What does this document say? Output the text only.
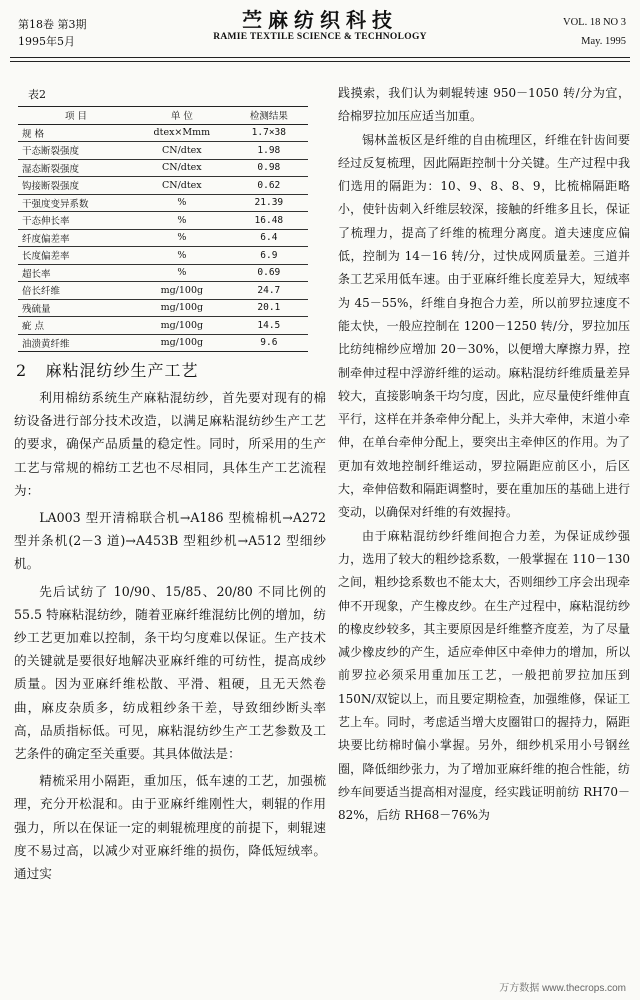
第18卷 第3期
1995年5月
苎麻纺织科技
RAMIE TEXTILE SCIENCE & TECHNOLOGY
VOL. 18 NO 3
May. 1995
表2
项 目	单 位	检测结果
规 格	dtex×Mmm	1.7×38
干态断裂强度	CN/dtex	1.98
湿态断裂强度	CN/dtex	0.98
钩接断裂强度	CN/dtex	0.62
干强度变异系数	%	21.39
干态伸长率	%	16.48
纤度偏差率	%	6.4
长度偏差率	%	6.9
超长率	%	0.69
倍长纤维	mg/100g	24.7
残硫量	mg/100g	20.1
疵 点	mg/100g	14.5
油溃黄纤维	mg/100g	9.6
2 麻粘混纺纱生产工艺

利用棉纺系统生产麻粘混纺纱，首先要对现有的棉纺设备进行部分技术改造，以满足麻粘混纺纱生产工艺的要求，确保产品质量的稳定性。同时，所采用的生产工艺与常规的棉纺工艺也不尽相同，具体生产工艺流程为：

LA003 型开清棉联合机→A186 型梳棉机→A272 型并条机(2－3 道)→A453B 型粗纱机→A512 型细纱机。

先后试纺了 10/90、15/85、20/80 不同比例的 55.5 特麻粘混纺纱，随着亚麻纤维混纺比例的增加，纺纱工艺更加难以控制，条干均匀度难以保证。生产技术的关键就是要很好地解决亚麻纤维的可纺性，提高成纱质量。因为亚麻纤维松散、平滑、粗硬，且无天然卷曲，麻皮杂质多，纺成粗纱条干差，导致细纱断头率高，品质指标低。可见，麻粘混纺纱生产工艺参数及工艺条件的确定至关重要。其具体做法是：

精梳采用小隔距，重加压，低车速的工艺，加强梳理，充分开松混和。由于亚麻纤维刚性大，刺辊的作用强力，所以在保证一定的刺辊梳理度的前提下，刺辊速度不易过高，以减少对亚麻纤维的损伤，降低短绒率。通过实

践摸索，我们认为刺辊转速 950－1050 转/分为宜，给棉罗拉加压应适当加重。

锡林盖板区是纤维的自由梳理区，纤维在针齿间要经过反复梳理，因此隔距控制十分关键。生产过程中我们选用的隔距为：10、9、8、8、9，比梳棉隔距略小，使针齿刺入纤维层较深，接触的纤维多且长，保证了梳理力，提高了纤维的梳理分离度。道夫速度应偏低，控制为 14－16 转/分，过快成网质量差。三道并条工艺采用低车速。由于亚麻纤维长度差异大，短绒率为 45－55%，纤维自身抱合力差，所以前罗拉速度不能太快，一般应控制在 1200－1250 转/分，罗拉加压比纺纯棉纱应增加 20－30%，以便增大摩擦力界，控制牵伸过程中浮游纤维的运动。麻粘混纺纤维质量差异较大，直接影响条干均匀度，因此，应尽量使纤维伸直平行，这样在并条牵伸分配上，头并大牵伸，末道小牵伸，在单台牵伸分配上，要突出主牵伸区的作用。为了更加有效地控制纤维运动，罗拉隔距应前区小，后区大，牵伸倍数和隔距调整时，要在重加压的基础上进行变动，以确保对纤维的有效握持。

由于麻粘混纺纱纤维间抱合力差，为保证成纱强力，选用了较大的粗纱捻系数，一般掌握在 110－130 之间，粗纱捻系数也不能太大，否则细纱工序会出现牵伸不开现象，产生橡皮纱。在生产过程中，麻粘混纺纱的橡皮纱较多，其主要原因是纤维整齐度差，为了尽量减少橡皮纱的产生，适应牵伸区中牵伸力的增加，所以前罗拉必须采用重加压工艺，一般把前罗拉加压到 150N/双锭以上，而且要定期检查，加强维修，保证工艺上车。同时，考虑适当增大皮圈钳口的握持力，隔距块要比纺棉时偏小掌握。另外，细纱机采用小号钢丝圈，降低细纱张力，为了增加亚麻纤维的抱合性能，纺纱车间要适当提高相对湿度，经实践证明前纺 RH70－82%，后纺 RH68－76%为

万方数据 www.thecrops.com
